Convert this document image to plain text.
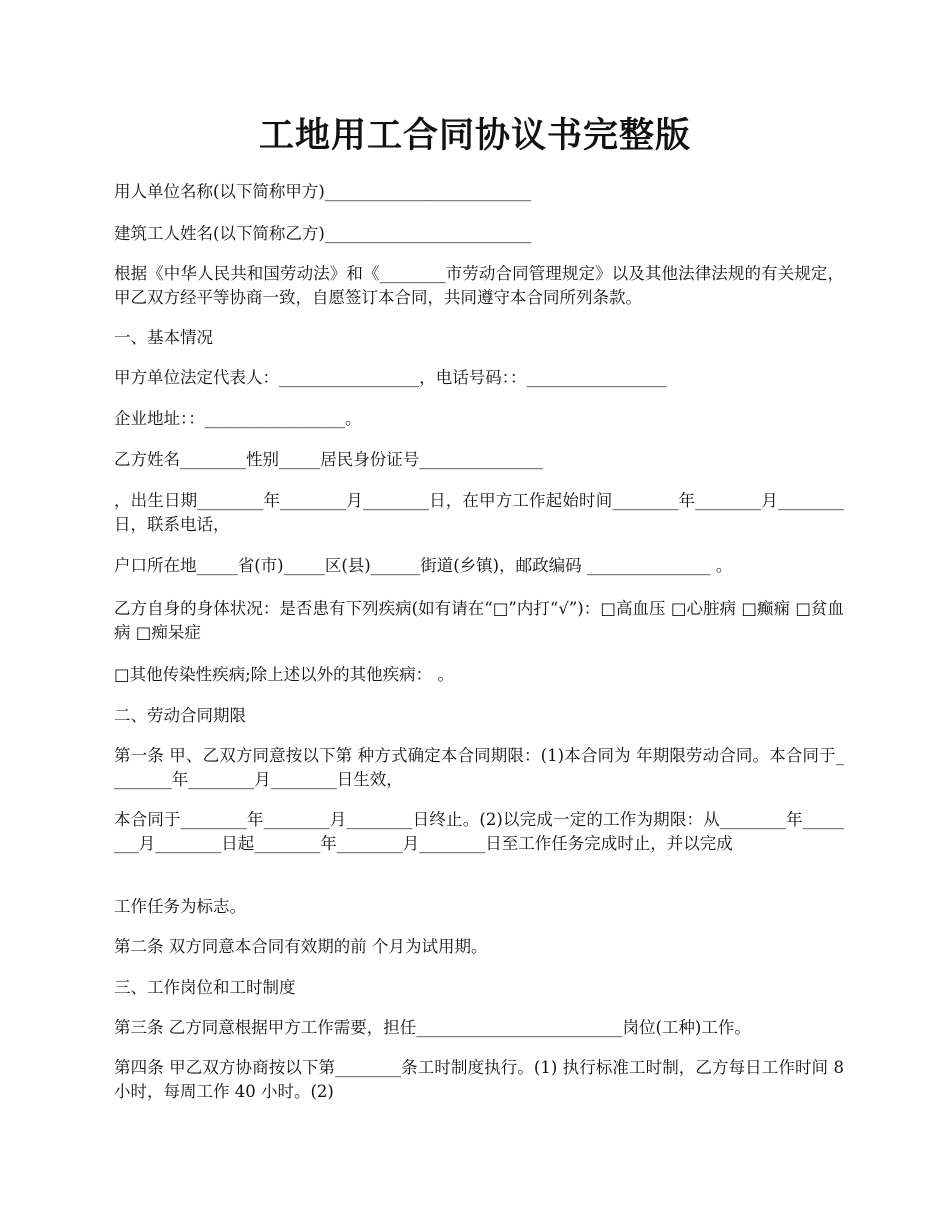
工地用工合同协议书完整版
用人单位名称(以下简称甲方)_________________________
建筑工人姓名(以下简称乙方)_________________________
根据《中华人民共和国劳动法》和《________市劳动合同管理规定》以及其他法律法规的有关规定，甲乙双方经平等协商一致，自愿签订本合同，共同遵守本合同所列条款。
一、基本情况
甲方单位法定代表人：_________________，电话号码：：_________________
企业地址：：_________________。
乙方姓名________性别_____居民身份证号_______________
，出生日期________年________月________日，在甲方工作起始时间________年________月________日，联系电话，
户口所在地_____省(市)_____区(县)______街道(乡镇)，邮政编码 _______________ 。
乙方自身的身体状况：是否患有下列疾病(如有请在“□”内打“√”)：□高血压 □心脏病 □癫痫 □贫血病 □痴呆症
□其他传染性疾病;除上述以外的其他疾病： 。
二、劳动合同期限
第一条 甲、乙双方同意按以下第 种方式确定本合同期限：(1)本合同为 年期限劳动合同。本合同于________年________月________日生效，
本合同于________年________月________日终止。(2)以完成一定的工作为期限：从________年________月________日起________年________月________日至工作任务完成时止，并以完成
工作任务为标志。
第二条 双方同意本合同有效期的前 个月为试用期。
三、工作岗位和工时制度
第三条 乙方同意根据甲方工作需要，担任_________________________岗位(工种)工作。
第四条 甲乙双方协商按以下第________条工时制度执行。(1) 执行标准工时制，乙方每日工作时间 8 小时，每周工作 40 小时。(2)
